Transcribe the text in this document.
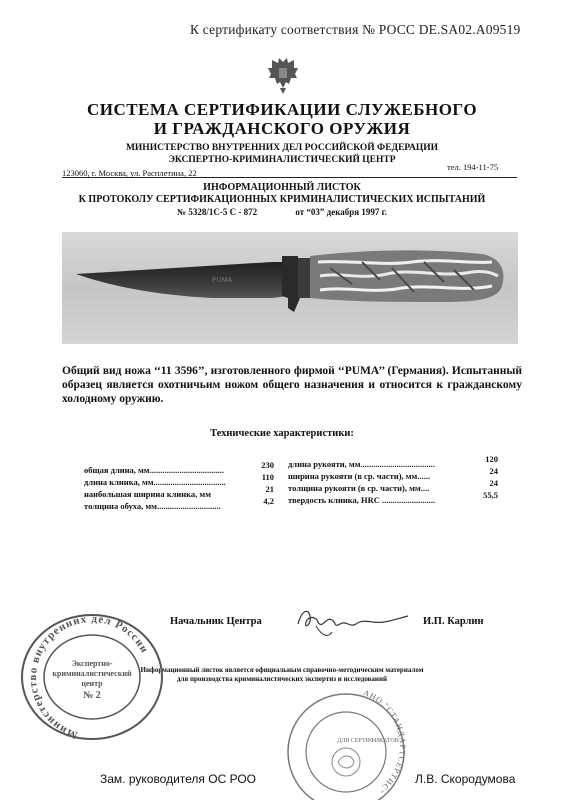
К сертификату соответствия № РОСС DE.SA02.А09519
СИСТЕМА СЕРТИФИКАЦИИ СЛУЖЕБНОГО
И ГРАЖДАНСКОГО ОРУЖИЯ
МИНИСТЕРСТВО ВНУТРЕННИХ ДЕЛ РОССИЙСКОЙ ФЕДЕРАЦИИ
ЭКСПЕРТНО-КРИМИНАЛИСТИЧЕСКИЙ ЦЕНТР
123060, г. Москва, ул. Расплетина, 22
тел. 194-11-75
ИНФОРМАЦИОННЫЙ ЛИСТОК
К ПРОТОКОЛУ СЕРТИФИКАЦИОННЫХ КРИМИНАЛИСТИЧЕСКИХ ИСПЫТАНИЙ
№ 5328/1С-5 С - 872	от “03” декабря 1997 г.
PUMA
Общий вид ножа ‘‘11 3596’’, изготовленного фирмой ‘‘PUMA’’ (Германия). Испытанный образец является охотничьим ножом общего назначения и относится к гражданскому холодному оружию.
Технические характеристики:
общая длина, мм...................................	230
длина клинка, мм..................................	110
наибольшая ширина клинка, мм	21
толщина обуха, мм..............................	4,2
длина рукояти, мм...................................	120
ширина рукояти (в ср. части), мм......	24
толщина рукояти (в ср. части), мм....	24
твердость клинка, HRC .........................	55,5
Начальник Центра	И.П. Карлин
Информационный листок является официальным справочно-методическим материалом
для производства криминалистических экспертиз и исследований
Министерство внутренних дел России
Экспертно-
криминалистический
центр
№ 2	АНО "СТАНДАРТСЕРТИС"
ДЛЯ СЕРТИФИКАТОВ
Зам. руководителя ОС РОО	Л.В. Скородумова
